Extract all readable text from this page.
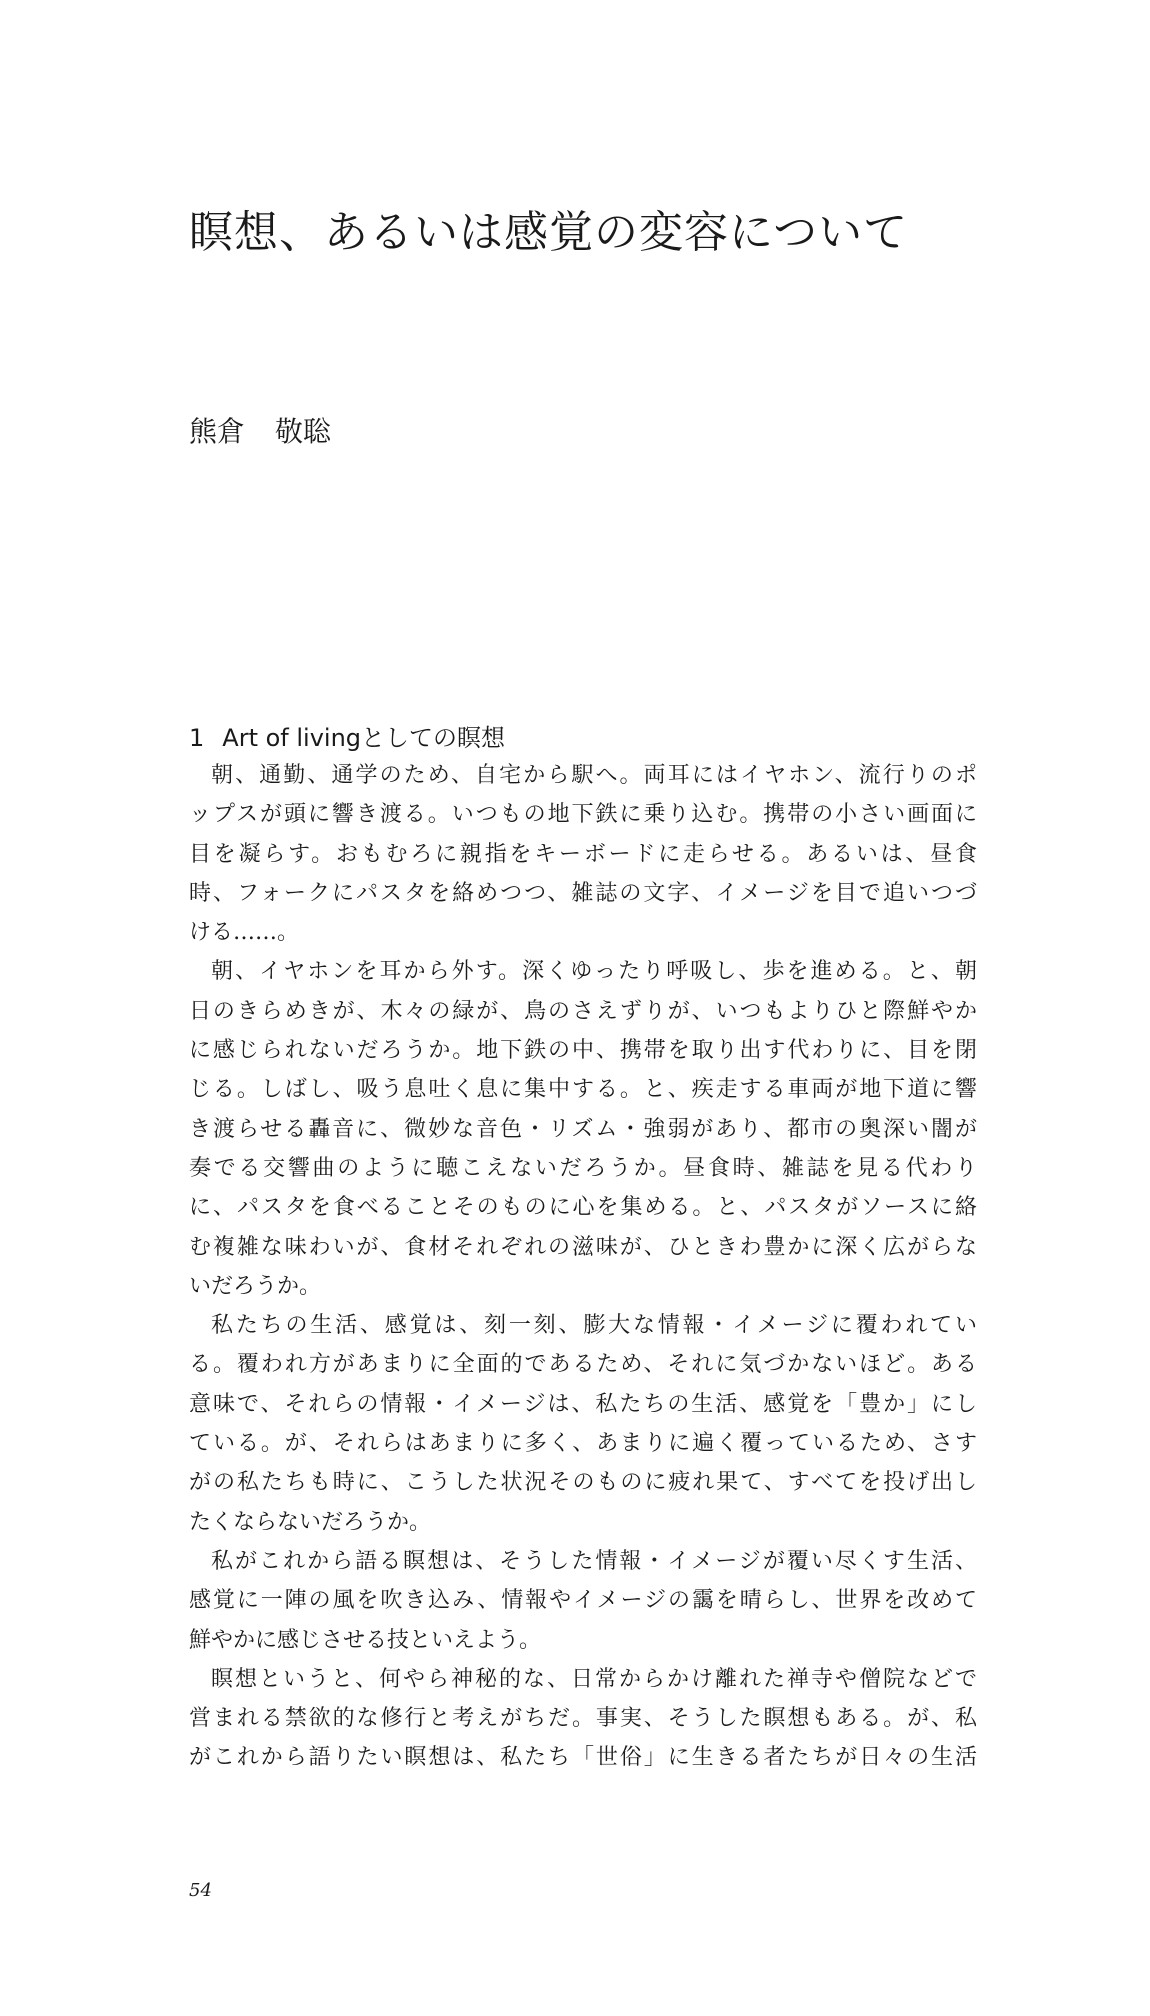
瞑想、あるいは感覚の変容について
熊倉 敬聡
1 Art of livingとしての瞑想
朝、通勤、通学のため、自宅から駅へ。両耳にはイヤホン、流行りのポ
ップスが頭に響き渡る。いつもの地下鉄に乗り込む。携帯の小さい画面に
目を凝らす。おもむろに親指をキーボードに走らせる。あるいは、昼食
時、フォークにパスタを絡めつつ、雑誌の文字、イメージを目で追いつづ
ける……。
朝、イヤホンを耳から外す。深くゆったり呼吸し、歩を進める。と、朝
日のきらめきが、木々の緑が、鳥のさえずりが、いつもよりひと際鮮やか
に感じられないだろうか。地下鉄の中、携帯を取り出す代わりに、目を閉
じる。しばし、吸う息吐く息に集中する。と、疾走する車両が地下道に響
き渡らせる轟音に、微妙な音色・リズム・強弱があり、都市の奥深い闇が
奏でる交響曲のように聴こえないだろうか。昼食時、雑誌を見る代わり
に、パスタを食べることそのものに心を集める。と、パスタがソースに絡
む複雑な味わいが、食材それぞれの滋味が、ひときわ豊かに深く広がらな
いだろうか。
私たちの生活、感覚は、刻一刻、膨大な情報・イメージに覆われてい
る。覆われ方があまりに全面的であるため、それに気づかないほど。ある
意味で、それらの情報・イメージは、私たちの生活、感覚を「豊か」にし
ている。が、それらはあまりに多く、あまりに遍く覆っているため、さす
がの私たちも時に、こうした状況そのものに疲れ果て、すべてを投げ出し
たくならないだろうか。
私がこれから語る瞑想は、そうした情報・イメージが覆い尽くす生活、
感覚に一陣の風を吹き込み、情報やイメージの靄を晴らし、世界を改めて
鮮やかに感じさせる技といえよう。
瞑想というと、何やら神秘的な、日常からかけ離れた禅寺や僧院などで
営まれる禁欲的な修行と考えがちだ。事実、そうした瞑想もある。が、私
がこれから語りたい瞑想は、私たち「世俗」に生きる者たちが日々の生活
54
